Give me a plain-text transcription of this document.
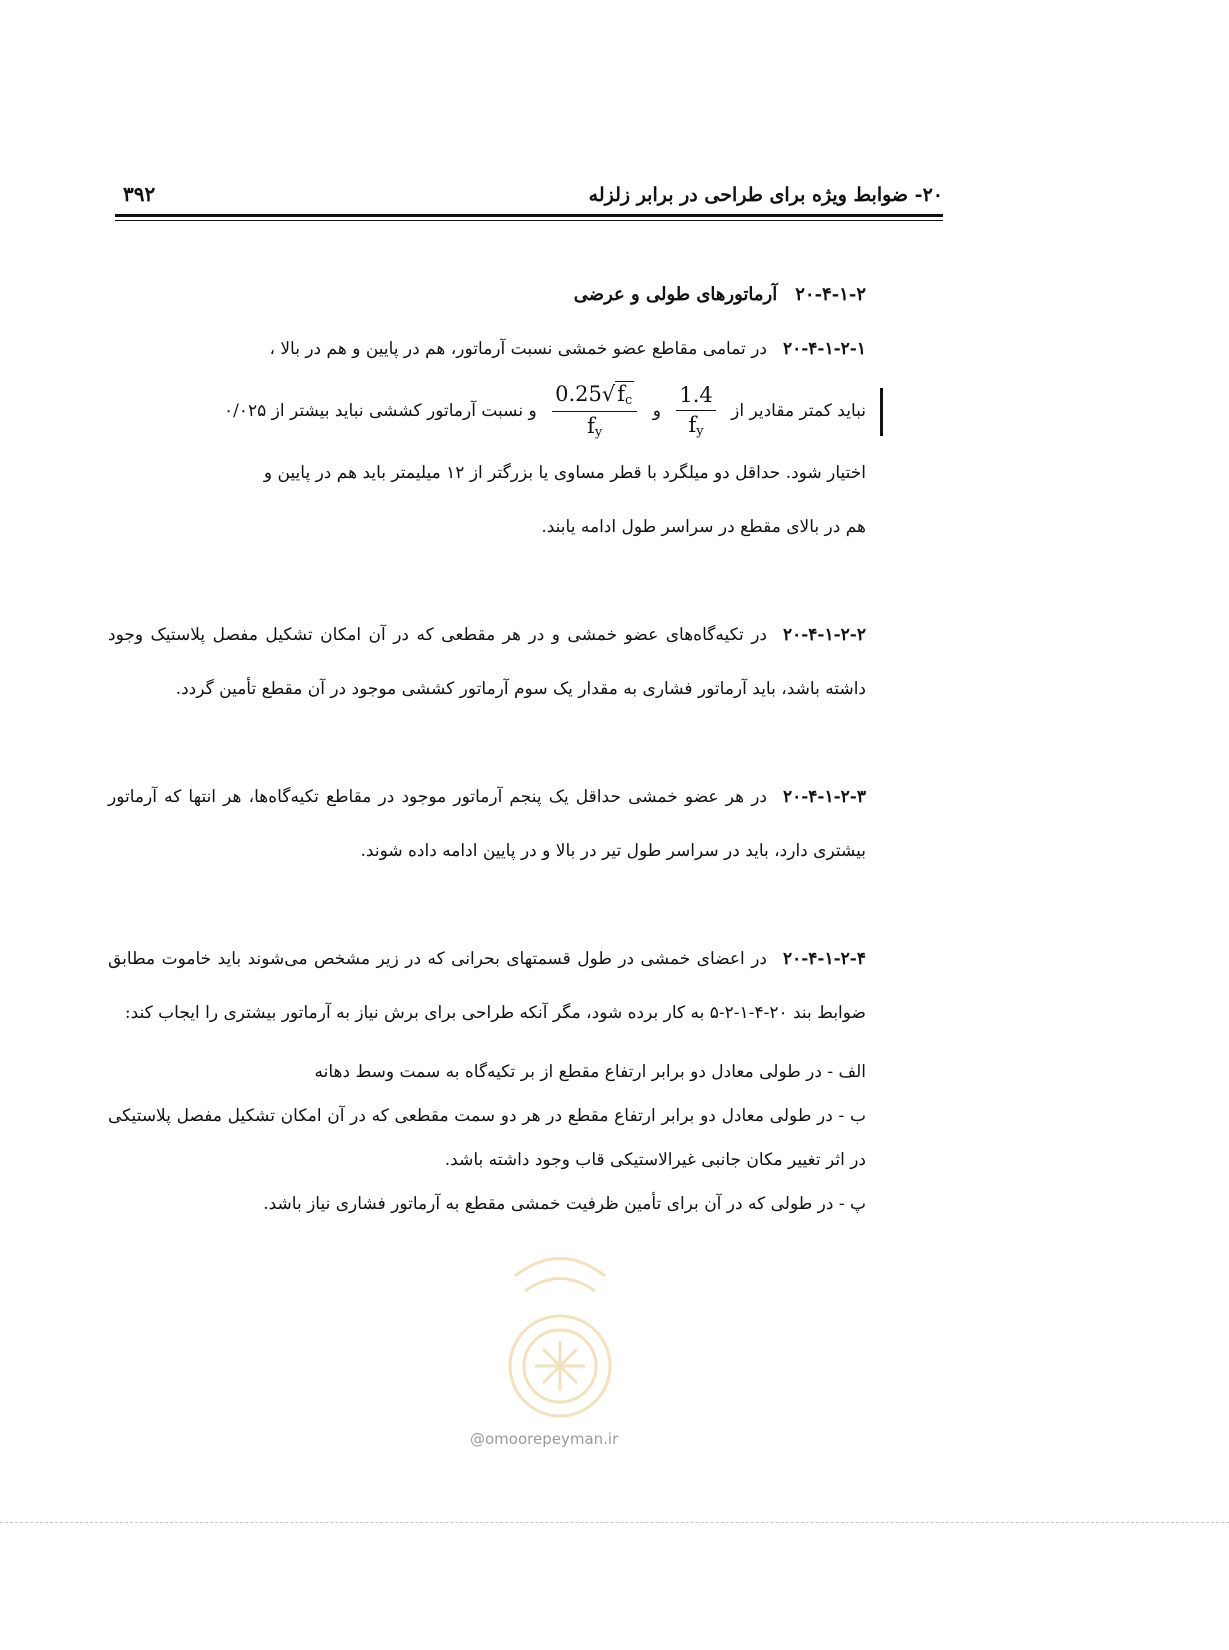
۲۰- ضوابط ویژه برای طراحی در برابر زلزله
۳۹۲

۲۰-۴-۱-۲آرماتورهای طولی و عرضی

۲۰-۴-۱-۲-۱در تمامی مقاطع عضو خمشی نسبت آرماتور، هم در پایین و هم در بالا ،

نباید کمتر مقادیر از
$\frac{1.4}{f_y}$
و
$\frac{0.25√f_c}{f_y}$
و نسبت آرماتور کششی نباید بیشتر از ۰/۰۲۵

اختیار شود. حداقل دو میلگرد با قطر مساوی یا بزرگتر از ۱۲ میلیمتر باید هم در پایین و

هم در بالای مقطع در سراسر طول ادامه یابند.

۲۰-۴-۱-۲-۲در تکیه‌گاه‌های عضو خمشی و در هر مقطعی که در آن امکان تشکیل مفصل پلاستیک وجود داشته باشد، باید آرماتور فشاری به مقدار یک سوم آرماتور کششی موجود در آن مقطع تأمین گردد.

۲۰-۴-۱-۲-۳در هر عضو خمشی حداقل یک پنجم آرماتور موجود در مقاطع تکیه‌گاه‌ها، هر انتها که آرماتور بیشتری دارد، باید در سراسر طول تیر در بالا و در پایین ادامه داده شوند.

۲۰-۴-۱-۲-۴در اعضای خمشی در طول قسمتهای بحرانی که در زیر مشخص می‌شوند باید خاموت مطابق ضوابط بند ۲۰-۴-۱-۲-۵ به کار برده شود، مگر آنکه طراحی برای برش نیاز به آرماتور بیشتری را ایجاب کند:

الف - در طولی معادل دو برابر ارتفاع مقطع از بر تکیه‌گاه به سمت وسط دهانه

ب - در طولی معادل دو برابر ارتفاع مقطع در هر دو سمت مقطعی که در آن امکان تشکیل مفصل پلاستیکی در اثر تغییر مکان جانبی غیرالاستیکی قاب وجود داشته باشد.

پ - در طولی که در آن برای تأمین ظرفیت خمشی مقطع به آرماتور فشاری نیاز باشد.

@omoorepeyman.ir
